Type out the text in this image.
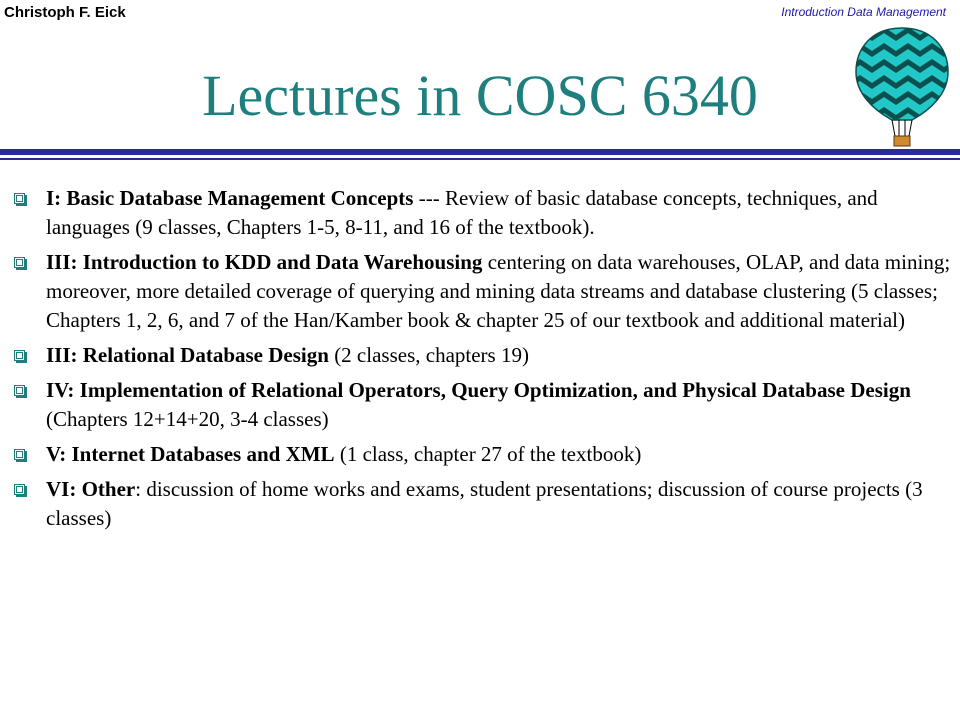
Christoph F. Eick	Introduction Data Management
Lectures in COSC 6340
I: Basic Database Management Concepts --- Review of basic database concepts, techniques, and languages (9 classes, Chapters 1-5, 8-11, and 16 of the textbook).
III: Introduction to KDD and Data Warehousing centering on data warehouses, OLAP, and data mining; moreover, more detailed coverage of querying and mining data streams and database clustering (5 classes; Chapters 1, 2, 6, and 7 of the Han/Kamber book & chapter 25 of our textbook and additional material)
III: Relational Database Design (2 classes, chapters 19)
IV: Implementation of Relational Operators, Query Optimization, and Physical Database Design (Chapters 12+14+20, 3-4 classes)
V: Internet Databases and XML (1 class, chapter 27 of the textbook)
VI: Other: discussion of home works and exams, student presentations; discussion of course projects (3 classes)
